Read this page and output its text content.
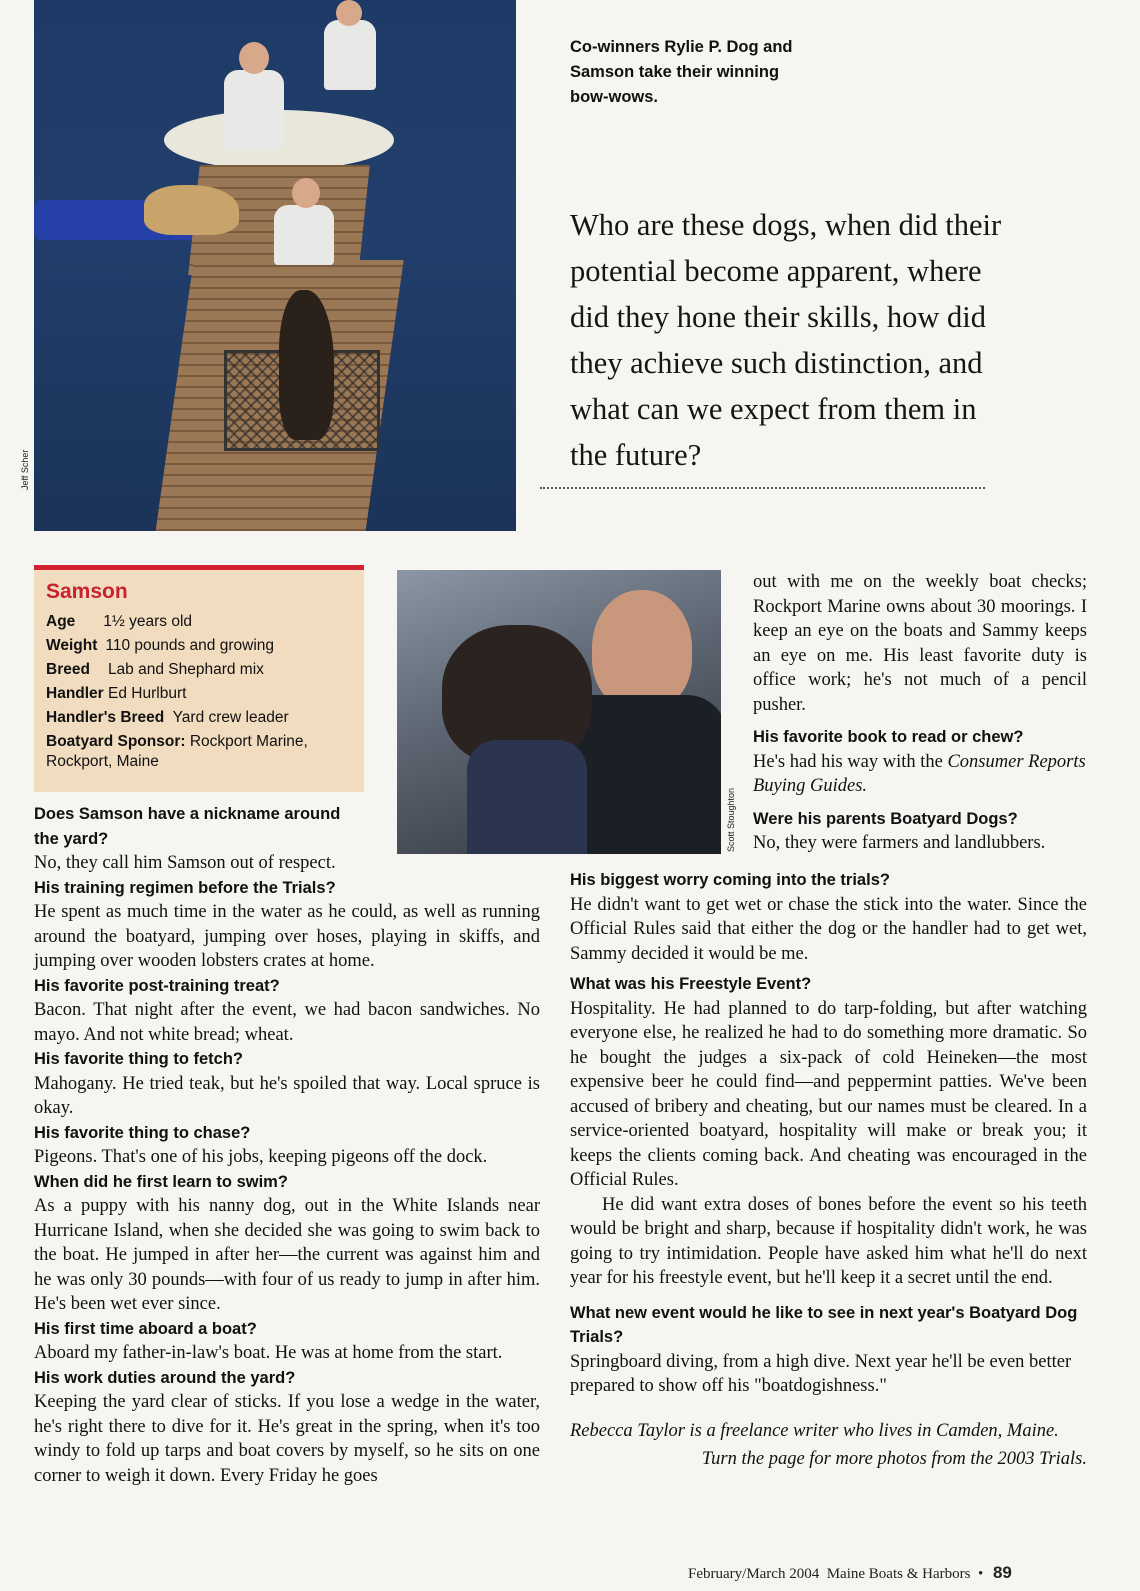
Jeff Scher
Co-winners Rylie P. Dog and Samson take their winning bow-wows.
Who are these dogs, when did their potential become apparent, where did they hone their skills, how did they achieve such distinction, and what can we expect from them in the future?
Samson
Age 1½ years old
Weight 110 pounds and growing
Breed Lab and Shephard mix
Handler Ed Hurlburt
Handler's Breed Yard crew leader
Boatyard Sponsor: Rockport Marine, Rockport, Maine
Scott Stoughton
Does Samson have a nickname around the yard?
No, they call him Samson out of respect.
His training regimen before the Trials?
He spent as much time in the water as he could, as well as running around the boatyard, jumping over hoses, playing in skiffs, and jumping over wooden lobsters crates at home.
His favorite post-training treat?
Bacon. That night after the event, we had bacon sandwiches. No mayo. And not white bread; wheat.
His favorite thing to fetch?
Mahogany. He tried teak, but he's spoiled that way. Local spruce is okay.
His favorite thing to chase?
Pigeons. That's one of his jobs, keeping pigeons off the dock.
When did he first learn to swim?
As a puppy with his nanny dog, out in the White Islands near Hurricane Island, when she decided she was going to swim back to the boat. He jumped in after her—the current was against him and he was only 30 pounds—with four of us ready to jump in after him. He's been wet ever since.
His first time aboard a boat?
Aboard my father-in-law's boat. He was at home from the start.
His work duties around the yard?
Keeping the yard clear of sticks. If you lose a wedge in the water, he's right there to dive for it. He's great in the spring, when it's too windy to fold up tarps and boat covers by myself, so he sits on one corner to weigh it down. Every Friday he goes
out with me on the weekly boat checks; Rockport Marine owns about 30 moorings. I keep an eye on the boats and Sammy keeps an eye on me. His least favorite duty is office work; he's not much of a pencil pusher.
His favorite book to read or chew?
He's had his way with the Consumer Reports Buying Guides.
Were his parents Boatyard Dogs?
No, they were farmers and landlubbers.
His biggest worry coming into the trials?
He didn't want to get wet or chase the stick into the water. Since the Official Rules said that either the dog or the handler had to get wet, Sammy decided it would be me.
What was his Freestyle Event?
Hospitality. He had planned to do tarp-folding, but after watching everyone else, he realized he had to do something more dramatic. So he bought the judges a six-pack of cold Heineken—the most expensive beer he could find—and peppermint patties. We've been accused of bribery and cheating, but our names must be cleared. In a service-oriented boatyard, hospitality will make or break you; it keeps the clients coming back. And cheating was encouraged in the Official Rules.
He did want extra doses of bones before the event so his teeth would be bright and sharp, because if hospitality didn't work, he was going to try intimidation. People have asked him what he'll do next year for his freestyle event, but he'll keep it a secret until the end.
What new event would he like to see in next year's Boatyard Dog Trials?
Springboard diving, from a high dive. Next year he'll be even better prepared to show off his "boatdogishness."
Rebecca Taylor is a freelance writer who lives in Camden, Maine.
Turn the page for more photos from the 2003 Trials.
February/March 2004 Maine Boats & Harbors • 89
